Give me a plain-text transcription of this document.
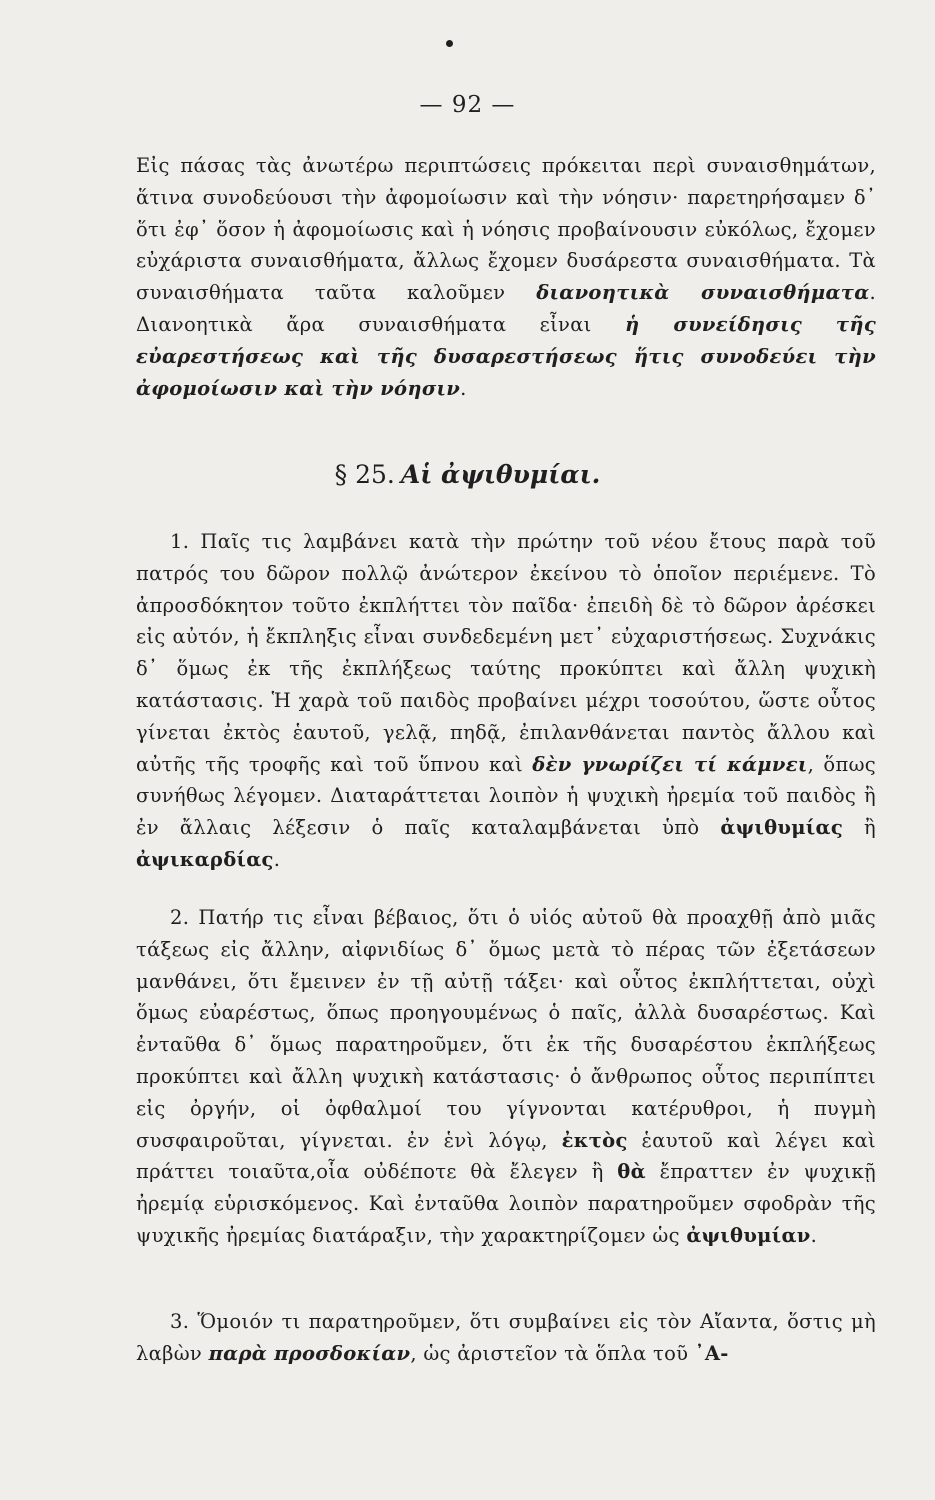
— 92 —
Εἰς πάσας τὰς ἀνωτέρω περιπτώσεις πρόκειται περὶ συναισθημάτων, ἅτινα συνοδεύουσι τὴν ἀφομοίωσιν καὶ τὴν νόησιν· παρετηρήσαμεν δ᾽ ὅτι ἐφ᾽ ὅσον ἡ ἀφομοίωσις καὶ ἡ νόησις προβαίνουσιν εὐκόλως, ἔχομεν εὐχάριστα συναισθήματα, ἄλλως ἔχομεν δυσάρεστα συναισθήματα. Τὰ συναισθήματα ταῦτα καλοῦμεν διανοητικὰ συναισθήματα. Διανοητικὰ ἄρα συναισθήματα εἶναι ἡ συνείδησις τῆς εὐαρεστήσεως καὶ τῆς δυσαρεστήσεως ἥτις συνοδεύει τὴν ἀφομοίωσιν καὶ τὴν νόησιν.
§ 25. Αἱ ἀψιθυμίαι.
1. Παῖς τις λαμβάνει κατὰ τὴν πρώτην τοῦ νέου ἔτους παρὰ τοῦ πατρός του δῶρον πολλῷ ἀνώτερον ἐκείνου τὸ ὁποῖον περιέμενε. Τὸ ἀπροσδόκητον τοῦτο ἐκπλήττει τὸν παῖδα· ἐπειδὴ δὲ τὸ δῶρον ἀρέσκει εἰς αὐτόν, ἡ ἔκπληξις εἶναι συνδεδεμένη μετ᾽ εὐχαριστήσεως. Συχνάκις δ᾽ ὅμως ἐκ τῆς ἐκπλήξεως ταύτης προκύπτει καὶ ἄλλη ψυχικὴ κατάστασις. Ἡ χαρὰ τοῦ παιδὸς προβαίνει μέχρι τοσούτου, ὥστε οὗτος γίνεται ἐκτὸς ἑαυτοῦ, γελᾷ, πηδᾷ, ἐπιλανθάνεται παντὸς ἄλλου καὶ αὐτῆς τῆς τροφῆς καὶ τοῦ ὕπνου καὶ δὲν γνωρίζει τί κάμνει, ὅπως συνήθως λέγομεν. Διαταράττεται λοιπὸν ἡ ψυχικὴ ἠρεμία τοῦ παιδὸς ἢ ἐν ἄλλαις λέξεσιν ὁ παῖς καταλαμβάνεται ὑπὸ ἀψιθυμίας ἢ ἀψικαρδίας.
2. Πατήρ τις εἶναι βέβαιος, ὅτι ὁ υἱός αὐτοῦ θὰ προαχθῇ ἀπὸ μιᾶς τάξεως εἰς ἄλλην, αἰφνιδίως δ᾽ ὅμως μετὰ τὸ πέρας τῶν ἐξετάσεων μανθάνει, ὅτι ἔμεινεν ἐν τῇ αὐτῇ τάξει· καὶ οὗτος ἐκπλήττεται, οὐχὶ ὅμως εὐαρέστως, ὅπως προηγουμένως ὁ παῖς, ἀλλὰ δυσαρέστως. Καὶ ἐνταῦθα δ᾽ ὅμως παρατηροῦμεν, ὅτι ἐκ τῆς δυσαρέστου ἐκπλήξεως προκύπτει καὶ ἄλλη ψυχικὴ κατάστασις· ὁ ἄνθρωπος οὗτος περιπίπτει εἰς ὀργήν, οἱ ὀφθαλμοί του γίγνονται κατέρυθροι, ἡ πυγμὴ συσφαιροῦται, γίγνεται. ἐν ἑνὶ λόγῳ, ἐκτὸς ἑαυτοῦ καὶ λέγει καὶ πράττει τοιαῦτα,οἷα οὐδέποτε θὰ ἔλεγεν ἢ θὰ ἔπραττεν ἐν ψυχικῇ ἠρεμίᾳ εὑρισκόμενος. Καὶ ἐνταῦθα λοιπὸν παρατηροῦμεν σφοδρὰν τῆς ψυχικῆς ἠρεμίας διατάραξιν, τὴν χαρακτηρίζομεν ὡς ἀψιθυμίαν.
3. Ὅμοιόν τι παρατηροῦμεν, ὅτι συμβαίνει εἰς τὸν Αἴαντα, ὅστις μὴ λαβὼν παρὰ προσδοκίαν, ὡς ἀριστεῖον τὰ ὅπλα τοῦ ᾽Α-
